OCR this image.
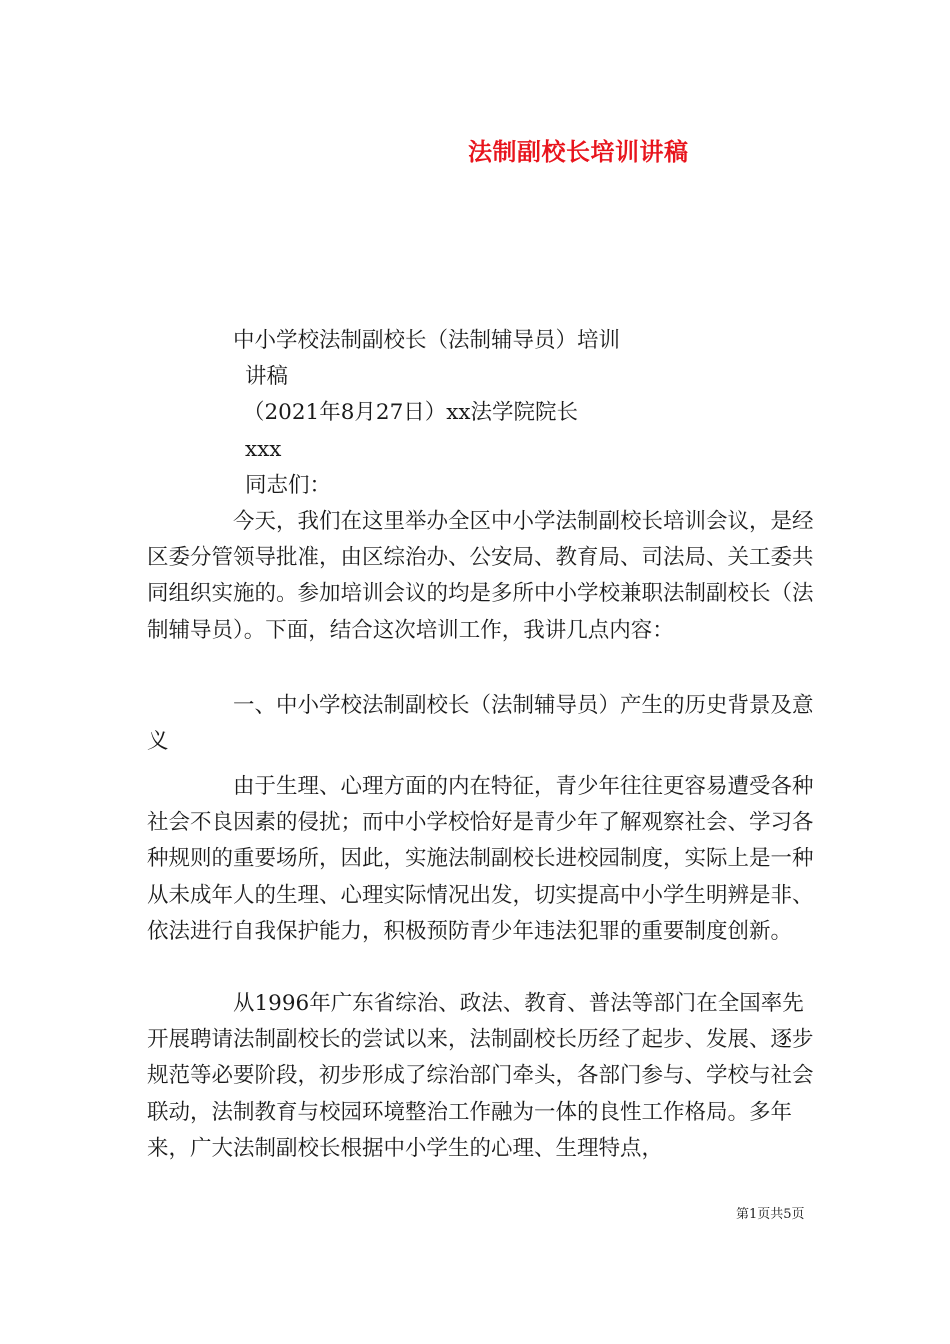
法制副校长培训讲稿
中小学校法制副校长（法制辅导员）培训
讲稿
（2021年8月27日）xx法学院院长
xxx
同志们：

　　　　今天，我们在这里举办全区中小学法制副校长培训会议，是经区委分管领导批准，由区综治办、公安局、教育局、司法局、关工委共同组织实施的。参加培训会议的均是多所中小学校兼职法制副校长（法制辅导员）。下面，结合这次培训工作，我讲几点内容：

　　　　一、中小学校法制副校长（法制辅导员）产生的历史背景及意义

　　　　由于生理、心理方面的内在特征，青少年往往更容易遭受各种社会不良因素的侵扰；而中小学校恰好是青少年了解观察社会、学习各种规则的重要场所，因此，实施法制副校长进校园制度，实际上是一种从未成年人的生理、心理实际情况出发，切实提高中小学生明辨是非、依法进行自我保护能力，积极预防青少年违法犯罪的重要制度创新。

　　　　从1996年广东省综治、政法、教育、普法等部门在全国率先开展聘请法制副校长的尝试以来，法制副校长历经了起步、发展、逐步规范等必要阶段，初步形成了综治部门牵头，各部门参与、学校与社会联动，法制教育与校园环境整治工作融为一体的良性工作格局。多年来，广大法制副校长根据中小学生的心理、生理特点，

第1页共5页
